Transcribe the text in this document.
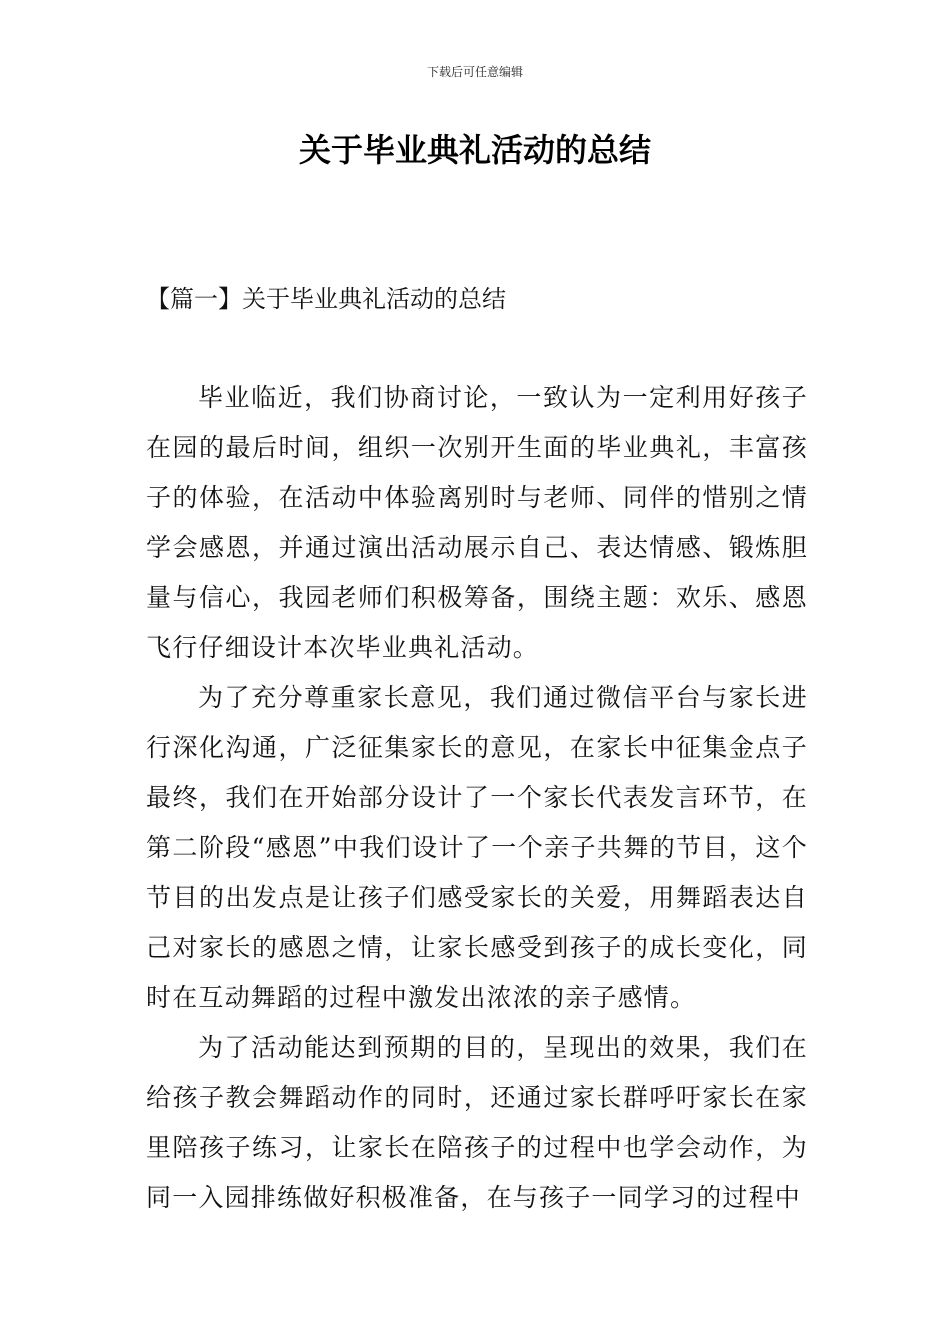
下载后可任意编辑
关于毕业典礼活动的总结
【篇一】关于毕业典礼活动的总结

毕业临近，我们协商讨论，一致认为一定利用好孩子在园的最后时间，组织一次别开生面的毕业典礼，丰富孩子的体验，在活动中体验离别时与老师、同伴的惜别之情学会感恩，并通过演出活动展示自己、表达情感、锻炼胆量与信心，我园老师们积极筹备，围绕主题：欢乐、感恩飞行仔细设计本次毕业典礼活动。

为了充分尊重家长意见，我们通过微信平台与家长进行深化沟通，广泛征集家长的意见，在家长中征集金点子最终，我们在开始部分设计了一个家长代表发言环节，在第二阶段“感恩”中我们设计了一个亲子共舞的节目，这个节目的出发点是让孩子们感受家长的关爱，用舞蹈表达自己对家长的感恩之情，让家长感受到孩子的成长变化，同时在互动舞蹈的过程中激发出浓浓的亲子感情。

为了活动能达到预期的目的，呈现出的效果，我们在给孩子教会舞蹈动作的同时，还通过家长群呼吁家长在家里陪孩子练习，让家长在陪孩子的过程中也学会动作，为同一入园排练做好积极准备，在与孩子一同学习的过程中
